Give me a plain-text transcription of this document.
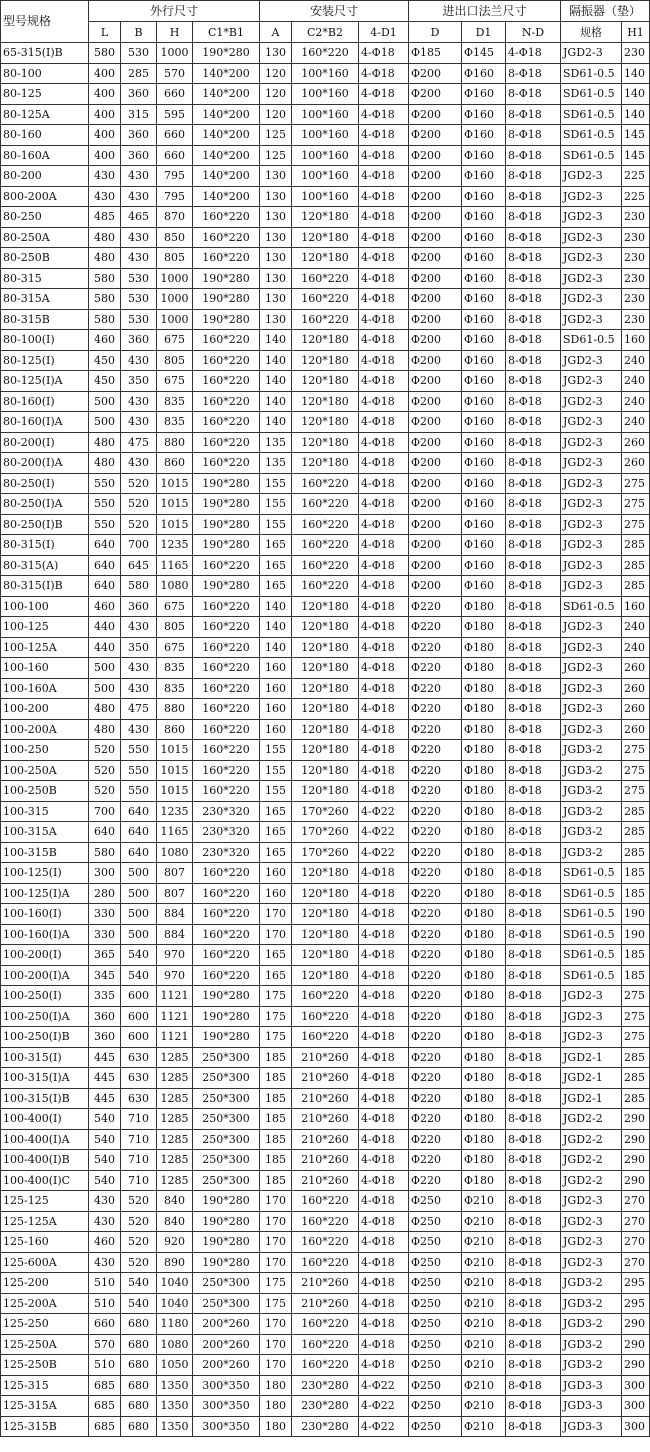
型号规格	外行尺寸				安装尺寸			进出口法兰尺寸			隔振器（垫）	
	L	B	H	C1*B1	A	C2*B2	4-D1	D	D1	N-D	规格	H1
65-315(I)B	580	530	1000	190*280	130	160*220	4-Φ18	Φ185	Φ145	4-Φ18	JGD2-3	230
80-100	400	285	570	140*200	120	100*160	4-Φ18	Φ200	Φ160	8-Φ18	SD61-0.5	140
80-125	400	360	660	140*200	120	100*160	4-Φ18	Φ200	Φ160	8-Φ18	SD61-0.5	140
80-125A	400	315	595	140*200	120	100*160	4-Φ18	Φ200	Φ160	8-Φ18	SD61-0.5	140
80-160	400	360	660	140*200	125	100*160	4-Φ18	Φ200	Φ160	8-Φ18	SD61-0.5	145
80-160A	400	360	660	140*200	125	100*160	4-Φ18	Φ200	Φ160	8-Φ18	SD61-0.5	145
80-200	430	430	795	140*200	130	100*160	4-Φ18	Φ200	Φ160	8-Φ18	JGD2-3	225
800-200A	430	430	795	140*200	130	100*160	4-Φ18	Φ200	Φ160	8-Φ18	JGD2-3	225
80-250	485	465	870	160*220	130	120*180	4-Φ18	Φ200	Φ160	8-Φ18	JGD2-3	230
80-250A	480	430	850	160*220	130	120*180	4-Φ18	Φ200	Φ160	8-Φ18	JGD2-3	230
80-250B	480	430	805	160*220	130	120*180	4-Φ18	Φ200	Φ160	8-Φ18	JGD2-3	230
80-315	580	530	1000	190*280	130	160*220	4-Φ18	Φ200	Φ160	8-Φ18	JGD2-3	230
80-315A	580	530	1000	190*280	130	160*220	4-Φ18	Φ200	Φ160	8-Φ18	JGD2-3	230
80-315B	580	530	1000	190*280	130	160*220	4-Φ18	Φ200	Φ160	8-Φ18	JGD2-3	230
80-100(I)	460	360	675	160*220	140	120*180	4-Φ18	Φ200	Φ160	8-Φ18	SD61-0.5	160
80-125(I)	450	430	805	160*220	140	120*180	4-Φ18	Φ200	Φ160	8-Φ18	JGD2-3	240
80-125(I)A	450	350	675	160*220	140	120*180	4-Φ18	Φ200	Φ160	8-Φ18	JGD2-3	240
80-160(I)	500	430	835	160*220	140	120*180	4-Φ18	Φ200	Φ160	8-Φ18	JGD2-3	240
80-160(I)A	500	430	835	160*220	140	120*180	4-Φ18	Φ200	Φ160	8-Φ18	JGD2-3	240
80-200(I)	480	475	880	160*220	135	120*180	4-Φ18	Φ200	Φ160	8-Φ18	JGD2-3	260
80-200(I)A	480	430	860	160*220	135	120*180	4-Φ18	Φ200	Φ160	8-Φ18	JGD2-3	260
80-250(I)	550	520	1015	190*280	155	160*220	4-Φ18	Φ200	Φ160	8-Φ18	JGD2-3	275
80-250(I)A	550	520	1015	190*280	155	160*220	4-Φ18	Φ200	Φ160	8-Φ18	JGD2-3	275
80-250(I)B	550	520	1015	190*280	155	160*220	4-Φ18	Φ200	Φ160	8-Φ18	JGD2-3	275
80-315(I)	640	700	1235	190*280	165	160*220	4-Φ18	Φ200	Φ160	8-Φ18	JGD2-3	285
80-315(A)	640	645	1165	160*220	165	160*220	4-Φ18	Φ200	Φ160	8-Φ18	JGD2-3	285
80-315(I)B	640	580	1080	190*280	165	160*220	4-Φ18	Φ200	Φ160	8-Φ18	JGD2-3	285
100-100	460	360	675	160*220	140	120*180	4-Φ18	Φ220	Φ180	8-Φ18	SD61-0.5	160
100-125	440	430	805	160*220	140	120*180	4-Φ18	Φ220	Φ180	8-Φ18	JGD2-3	240
100-125A	440	350	675	160*220	140	120*180	4-Φ18	Φ220	Φ180	8-Φ18	JGD2-3	240
100-160	500	430	835	160*220	160	120*180	4-Φ18	Φ220	Φ180	8-Φ18	JGD2-3	260
100-160A	500	430	835	160*220	160	120*180	4-Φ18	Φ220	Φ180	8-Φ18	JGD2-3	260
100-200	480	475	880	160*220	160	120*180	4-Φ18	Φ220	Φ180	8-Φ18	JGD2-3	260
100-200A	480	430	860	160*220	160	120*180	4-Φ18	Φ220	Φ180	8-Φ18	JGD2-3	260
100-250	520	550	1015	160*220	155	120*180	4-Φ18	Φ220	Φ180	8-Φ18	JGD3-2	275
100-250A	520	550	1015	160*220	155	120*180	4-Φ18	Φ220	Φ180	8-Φ18	JGD3-2	275
100-250B	520	550	1015	160*220	155	120*180	4-Φ18	Φ220	Φ180	8-Φ18	JGD3-2	275
100-315	700	640	1235	230*320	165	170*260	4-Φ22	Φ220	Φ180	8-Φ18	JGD3-2	285
100-315A	640	640	1165	230*320	165	170*260	4-Φ22	Φ220	Φ180	8-Φ18	JGD3-2	285
100-315B	580	640	1080	230*320	165	170*260	4-Φ22	Φ220	Φ180	8-Φ18	JGD3-2	285
100-125(I)	300	500	807	160*220	160	120*180	4-Φ18	Φ220	Φ180	8-Φ18	SD61-0.5	185
100-125(I)A	280	500	807	160*220	160	120*180	4-Φ18	Φ220	Φ180	8-Φ18	SD61-0.5	185
100-160(I)	330	500	884	160*220	170	120*180	4-Φ18	Φ220	Φ180	8-Φ18	SD61-0.5	190
100-160(I)A	330	500	884	160*220	170	120*180	4-Φ18	Φ220	Φ180	8-Φ18	SD61-0.5	190
100-200(I)	365	540	970	160*220	165	120*180	4-Φ18	Φ220	Φ180	8-Φ18	SD61-0.5	185
100-200(I)A	345	540	970	160*220	165	120*180	4-Φ18	Φ220	Φ180	8-Φ18	SD61-0.5	185
100-250(I)	335	600	1121	190*280	175	160*220	4-Φ18	Φ220	Φ180	8-Φ18	JGD2-3	275
100-250(I)A	360	600	1121	190*280	175	160*220	4-Φ18	Φ220	Φ180	8-Φ18	JGD2-3	275
100-250(I)B	360	600	1121	190*280	175	160*220	4-Φ18	Φ220	Φ180	8-Φ18	JGD2-3	275
100-315(I)	445	630	1285	250*300	185	210*260	4-Φ18	Φ220	Φ180	8-Φ18	JGD2-1	285
100-315(I)A	445	630	1285	250*300	185	210*260	4-Φ18	Φ220	Φ180	8-Φ18	JGD2-1	285
100-315(I)B	445	630	1285	250*300	185	210*260	4-Φ18	Φ220	Φ180	8-Φ18	JGD2-1	285
100-400(I)	540	710	1285	250*300	185	210*260	4-Φ18	Φ220	Φ180	8-Φ18	JGD2-2	290
100-400(I)A	540	710	1285	250*300	185	210*260	4-Φ18	Φ220	Φ180	8-Φ18	JGD2-2	290
100-400(I)B	540	710	1285	250*300	185	210*260	4-Φ18	Φ220	Φ180	8-Φ18	JGD2-2	290
100-400(I)C	540	710	1285	250*300	185	210*260	4-Φ18	Φ220	Φ180	8-Φ18	JGD2-2	290
125-125	430	520	840	190*280	170	160*220	4-Φ18	Φ250	Φ210	8-Φ18	JGD2-3	270
125-125A	430	520	840	190*280	170	160*220	4-Φ18	Φ250	Φ210	8-Φ18	JGD2-3	270
125-160	460	520	920	190*280	170	160*220	4-Φ18	Φ250	Φ210	8-Φ18	JGD2-3	270
125-600A	430	520	890	190*280	170	160*220	4-Φ18	Φ250	Φ210	8-Φ18	JGD2-3	270
125-200	510	540	1040	250*300	175	210*260	4-Φ18	Φ250	Φ210	8-Φ18	JGD3-2	295
125-200A	510	540	1040	250*300	175	210*260	4-Φ18	Φ250	Φ210	8-Φ18	JGD3-2	295
125-250	660	680	1180	200*260	170	160*220	4-Φ18	Φ250	Φ210	8-Φ18	JGD3-2	290
125-250A	570	680	1080	200*260	170	160*220	4-Φ18	Φ250	Φ210	8-Φ18	JGD3-2	290
125-250B	510	680	1050	200*260	170	160*220	4-Φ18	Φ250	Φ210	8-Φ18	JGD3-2	290
125-315	685	680	1350	300*350	180	230*280	4-Φ22	Φ250	Φ210	8-Φ18	JGD3-3	300
125-315A	685	680	1350	300*350	180	230*280	4-Φ22	Φ250	Φ210	8-Φ18	JGD3-3	300
125-315B	685	680	1350	300*350	180	230*280	4-Φ22	Φ250	Φ210	8-Φ18	JGD3-3	300
